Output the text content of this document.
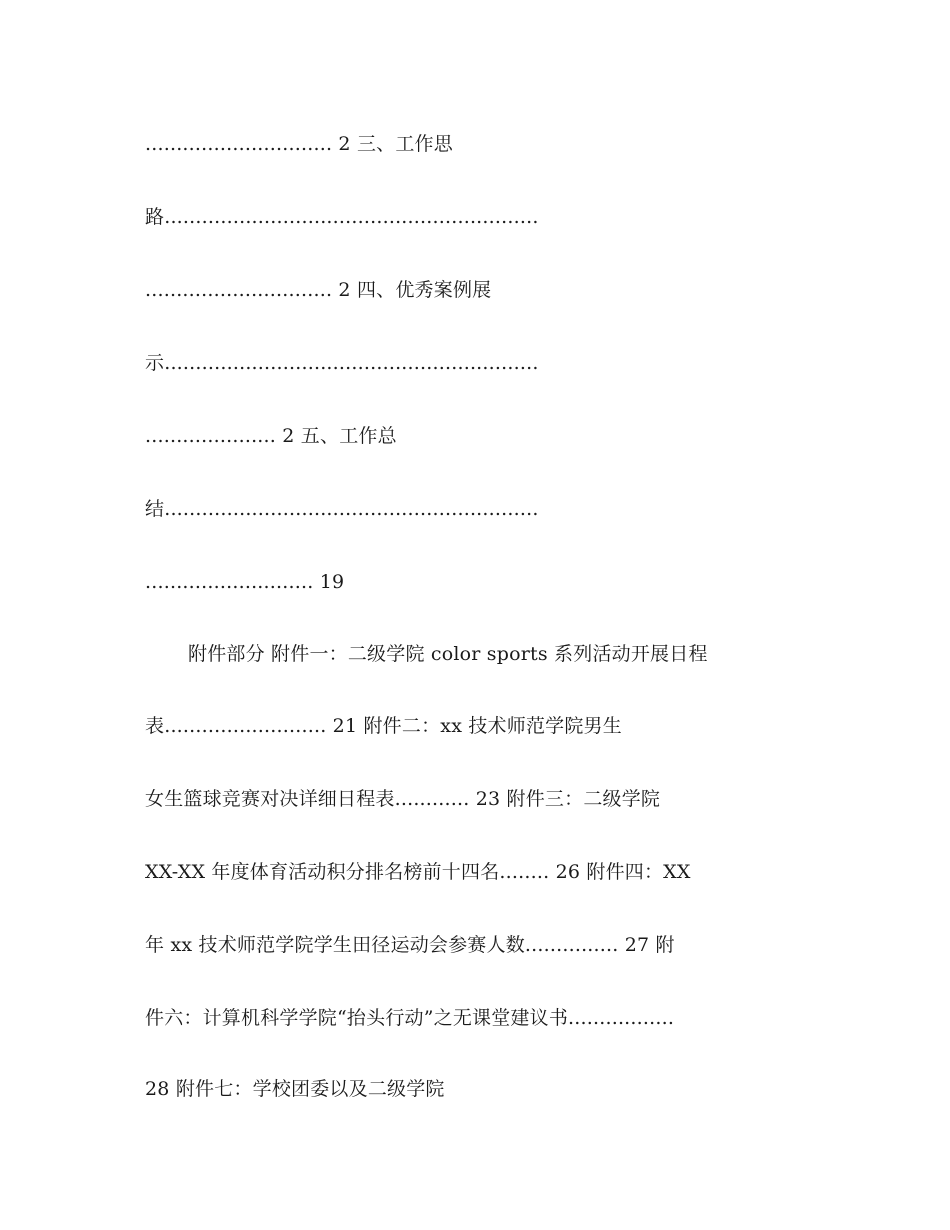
.............................. 2 三、工作思
路............................................................
.............................. 2 四、优秀案例展
示............................................................
..................... 2 五、工作总
结............................................................
........................... 19
附件部分 附件一：二级学院 color sports 系列活动开展日程
表.......................... 21 附件二：xx 技术师范学院男生
女生篮球竞赛对决详细日程表............ 23 附件三：二级学院
XX-XX 年度体育活动积分排名榜前十四名........ 26 附件四：XX
年 xx 技术师范学院学生田径运动会参赛人数............... 27 附
件六：计算机科学学院“抬头行动”之无课堂建议书.................
28 附件七：学校团委以及二级学院
